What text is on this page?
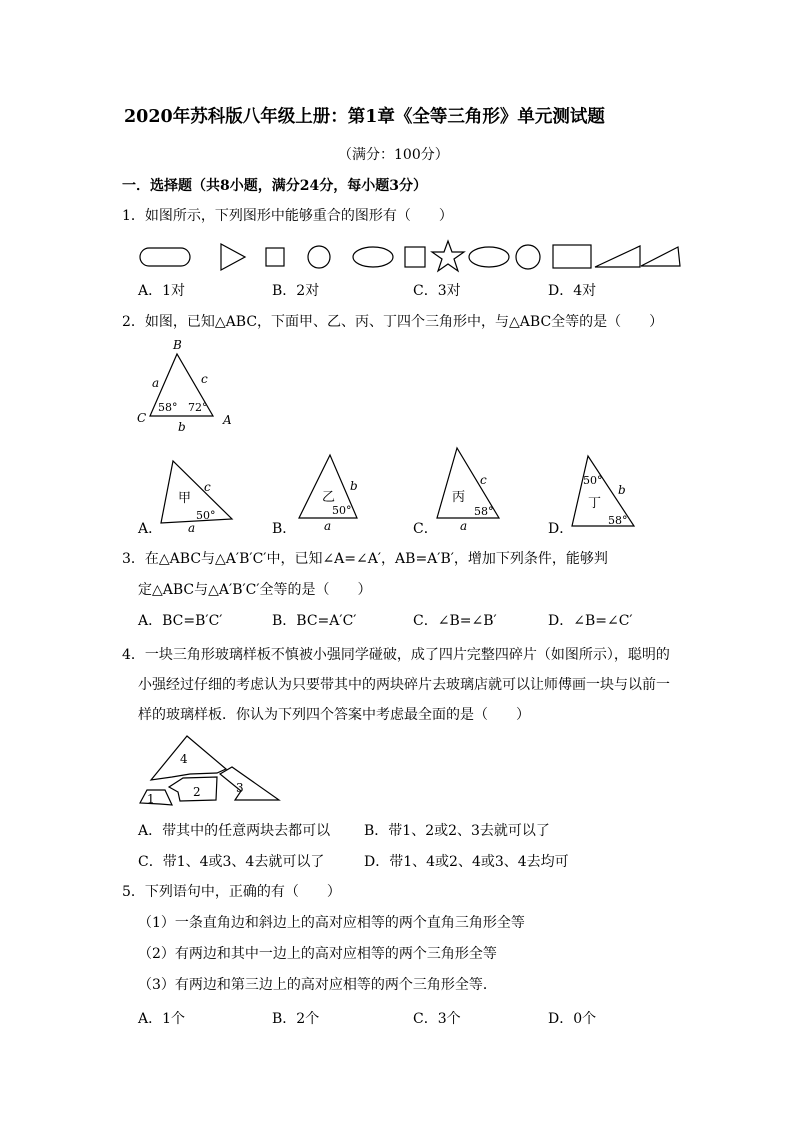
2020年苏科版八年级上册：第1章《全等三角形》单元测试题
（满分：100分）
一．选择题（共8小题，满分24分，每小题3分）
1．如图所示，下列图形中能够重合的图形有（　　）
A．1对	B．2对	C．3对	D．4对
2．如图，已知△ABC，下面甲、乙、丙、丁四个三角形中，与△ABC全等的是（　　）
B
C	A
a	c
b
58° 72°
甲
c
a
50°
乙
b
a
50°
丙
c
a
58°
丁
b
50°
58°
A．	B．	C．	D．
3．在△ABC与△A′B′C′中，已知∠A=∠A′，AB=A′B′，增加下列条件，能够判
定△ABC与△A′B′C′全等的是（　　）
A．BC=B′C′	B．BC=A′C′	C．∠B=∠B′	D．∠B=∠C′
4．一块三角形玻璃样板不慎被小强同学碰破，成了四片完整四碎片（如图所示），聪明的
小强经过仔细的考虑认为只要带其中的两块碎片去玻璃店就可以让师傅画一块与以前一
样的玻璃样板．你认为下列四个答案中考虑最全面的是（　　）
4
2	3
1
A．带其中的任意两块去都可以 B．带1、2或2、3去就可以了
C．带1、4或3、4去就可以了	D．带1、4或2、4或3、4去均可
5．下列语句中，正确的有（　　）
（1）一条直角边和斜边上的高对应相等的两个直角三角形全等
（2）有两边和其中一边上的高对应相等的两个三角形全等
（3）有两边和第三边上的高对应相等的两个三角形全等．
A．1个	B．2个	C．3个	D．0个
